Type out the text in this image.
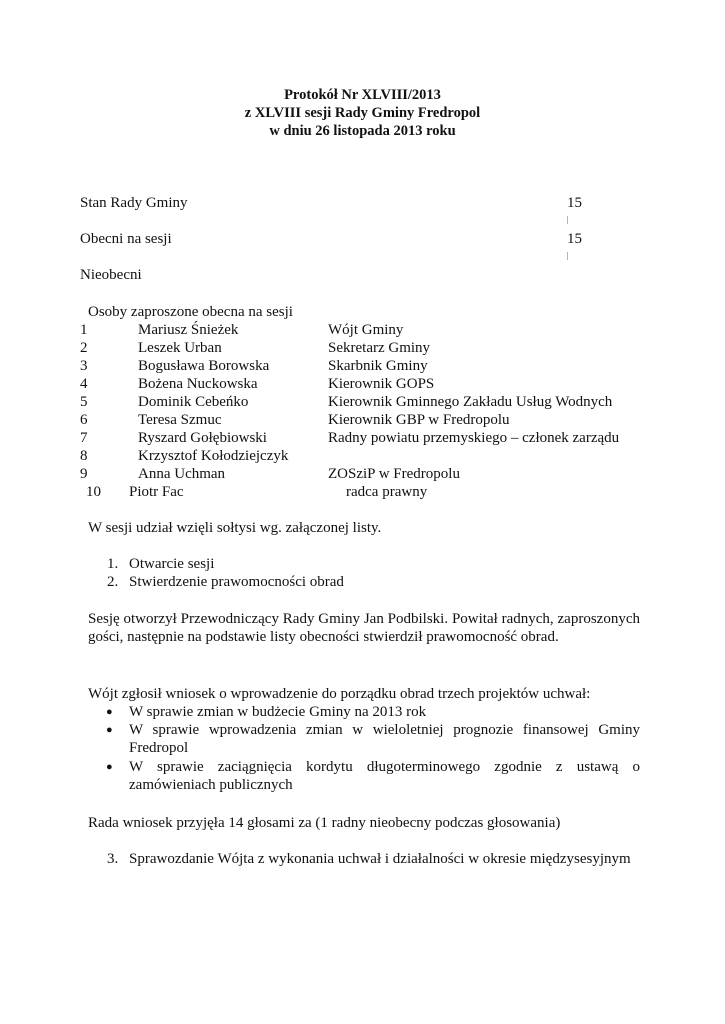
Protokół Nr XLVIII/2013
z XLVIII sesji Rady Gminy Fredropol
w dniu 26 listopada 2013 roku
Stan Rady Gminy	15
|
Obecni na sesji	15
|
Nieobecni
Osoby zaproszone obecna na sesji
1	Mariusz Śnieżek	Wójt Gminy
2	Leszek Urban	Sekretarz Gminy
3	Bogusława Borowska	Skarbnik Gminy
4	Bożena Nuckowska	Kierownik GOPS
5	Dominik Cebeńko	Kierownik Gminnego Zakładu Usług Wodnych
6	Teresa Szmuc	Kierownik GBP w Fredropolu
7	Ryszard Gołębiowski	Radny powiatu przemyskiego – członek zarządu
8	Krzysztof Kołodziejczyk
9	Anna Uchman	ZOSziP w Fredropolu
10 Piotr Fac	radca prawny
W sesji udział wzięli sołtysi wg. załączonej listy.
1. Otwarcie sesji
2. Stwierdzenie prawomocności obrad
Sesję otworzył Przewodniczący Rady Gminy Jan Podbilski. Powitał radnych, zaproszonych gości, następnie na podstawie listy obecności stwierdził prawomocność obrad.
Wójt zgłosił wniosek o wprowadzenie do porządku obrad trzech projektów uchwał:
● W sprawie zmian w budżecie Gminy na 2013 rok
● W sprawie wprowadzenia zmian w wieloletniej prognozie finansowej Gminy Fredropol
● W sprawie zaciągnięcia kordytu długoterminowego zgodnie z ustawą o zamówieniach publicznych
Rada wniosek przyjęła 14 głosami za (1 radny nieobecny podczas głosowania)
3. Sprawozdanie Wójta z wykonania uchwał i działalności w okresie międzysesyjnym
